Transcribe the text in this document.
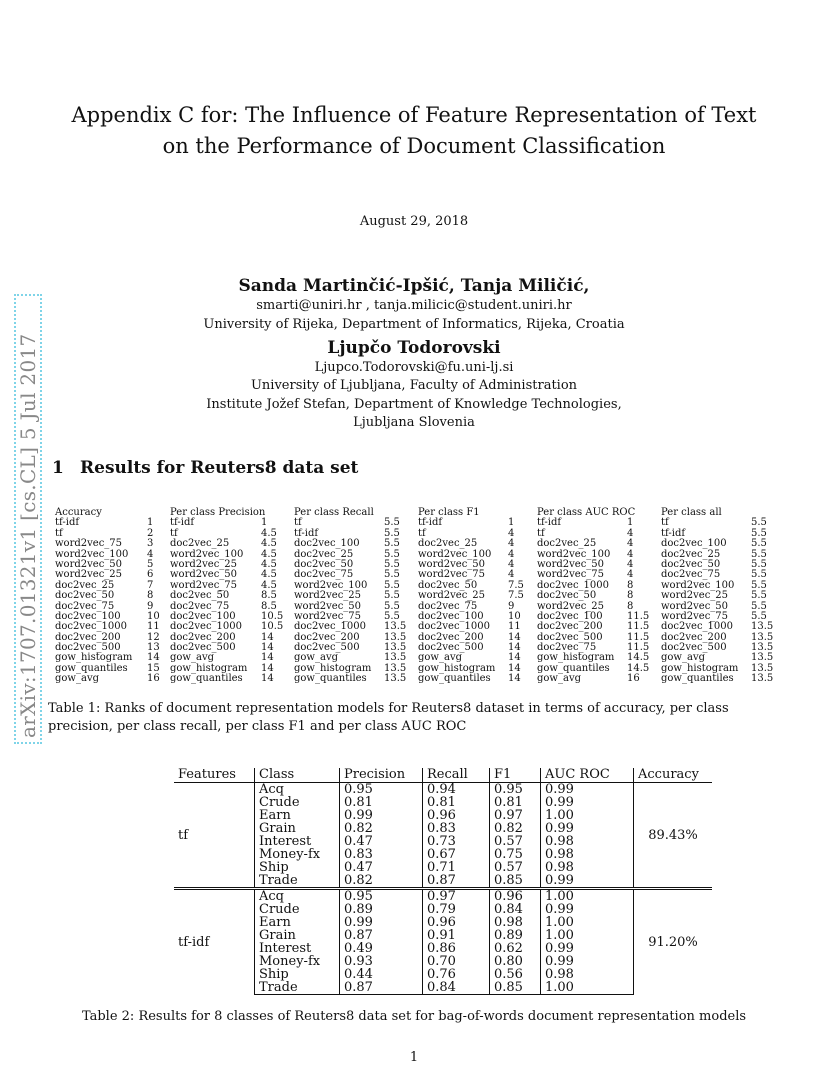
arXiv:1707.01321v1 [cs.CL] 5 Jul 2017
Appendix C for: The Influence of Feature Representation of Text
on the Performance of Document Classification
August 29, 2018
Sanda Martinčić-Ipšić, Tanja Miličić,
smarti@uniri.hr , tanja.milicic@student.uniri.hr
University of Rijeka, Department of Informatics, Rijeka, Croatia
Ljupčo Todorovski
Ljupco.Todorovski@fu.uni-lj.si
University of Ljubljana, Faculty of Administration
Institute Jožef Stefan, Department of Knowledge Technologies,
Ljubljana Slovenia
1 Results for Reuters8 data set
Accuracy
tf-idf	1
tf	2
word2vec_75 3
word2vec_100 4
word2vec_50 5
word2vec_25 6
doc2vec_25	7
doc2vec_50	8
doc2vec_75	9
doc2vec_100	10
doc2vec_1000 11
doc2vec_200	12
doc2vec_500	13
gow_histogram 14
gow_quantiles 15
gow_avg	16
Per class Precision
tf-idf	1
tf	4.5
doc2vec_25	4.5
word2vec_100 4.5
word2vec_25 4.5
word2vec_50 4.5
word2vec_75 4.5
doc2vec_50	8.5
doc2vec_75	8.5
doc2vec_100	10.5
doc2vec_1000 10.5
doc2vec_200	14
doc2vec_500	14
gow_avg	14
gow_histogram 14
gow_quantiles 14
Per class Recall
tf	5.5
tf-idf	5.5
doc2vec_100 5.5
doc2vec_25	5.5
doc2vec_50	5.5
doc2vec_75	5.5
word2vec_100 5.5
word2vec_25 5.5
word2vec_50 5.5
word2vec_75 5.5
doc2vec_1000 13.5
doc2vec_200 13.5
doc2vec_500 13.5
gow_avg	13.5
gow_histogram 13.5
gow_quantiles 13.5
Per class F1
tf-idf	1
tf	4
doc2vec_25	4
word2vec_100 4
word2vec_50 4
word2vec_75 4
doc2vec_50	7.5
word2vec_25 7.5
doc2vec_75	9
doc2vec_100 10
doc2vec_1000 11
doc2vec_200 14
doc2vec_500 14
gow_avg	14
gow_histogram 14
gow_quantiles 14
Per class AUC ROC
tf-idf	1
tf	4
doc2vec_25	4
word2vec_100 4
word2vec_50 4
word2vec_75 4
doc2vec_1000 8
doc2vec_50	8
word2vec_25 8
doc2vec_100 11.5
doc2vec_200 11.5
doc2vec_500 11.5
doc2vec_75	11.5
gow_histogram 14.5
gow_quantiles 14.5
gow_avg	16
Per class all
tf	5.5
tf-idf	5.5
doc2vec_100 5.5
doc2vec_25	5.5
doc2vec_50	5.5
doc2vec_75	5.5
word2vec_100 5.5
word2vec_25 5.5
word2vec_50 5.5
word2vec_75 5.5
doc2vec_1000 13.5
doc2vec_200 13.5
doc2vec_500 13.5
gow_avg	13.5
gow_histogram 13.5
gow_quantiles 13.5
Table 1: Ranks of document representation models for Reuters8 dataset in terms of accuracy, per class precision, per class recall, per class F1 and per class AUC ROC
Features	Class	Precision	Recall	F1	AUC ROC	Accuracy
tf	Acq	0.95	0.94	0.95	0.99	89.43%
	Crude	0.81	0.81	0.81	0.99	
	Earn	0.99	0.96	0.97	1.00	
	Grain	0.82	0.83	0.82	0.99	
	Interest	0.47	0.73	0.57	0.98	
	Money-fx	0.83	0.67	0.75	0.98	
	Ship	0.47	0.71	0.57	0.98	
	Trade	0.82	0.87	0.85	0.99	
tf-idf	Acq	0.95	0.97	0.96	1.00	91.20%
	Crude	0.89	0.79	0.84	0.99	
	Earn	0.99	0.96	0.98	1.00	
	Grain	0.87	0.91	0.89	1.00	
	Interest	0.49	0.86	0.62	0.99	
	Money-fx	0.93	0.70	0.80	0.99	
	Ship	0.44	0.76	0.56	0.98	
	Trade	0.87	0.84	0.85	1.00	
Table 2: Results for 8 classes of Reuters8 data set for bag-of-words document representation models
1
